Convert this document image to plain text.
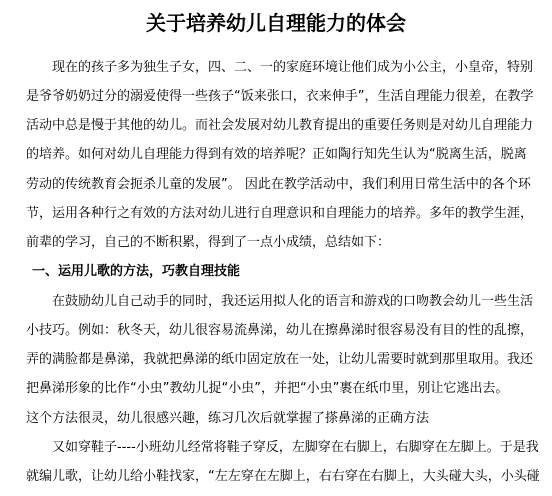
关于培养幼儿自理能力的体会
现在的孩子多为独生子女，四、二、一的家庭环境让他们成为小公主，小皇帝，特别
是爷爷奶奶过分的溺爱使得一些孩子“饭来张口，衣来伸手”，生活自理能力很差，在教学
活动中总是慢于其他的幼儿。而社会发展对幼儿教育提出的重要任务则是对幼儿自理能力
的培养。如何对幼儿自理能力得到有效的培养呢？正如陶行知先生认为“脱离生活，脱离
劳动的传统教育会扼杀儿童的发展”。 因此在教学活动中，我们利用日常生活中的各个环
节，运用各种行之有效的方法对幼儿进行自理意识和自理能力的培养。多年的教学生涯，
前辈的学习，自己的不断积累，得到了一点小成绩，总结如下：
一、运用儿歌的方法，巧教自理技能
在鼓励幼儿自己动手的同时，我还运用拟人化的语言和游戏的口吻教会幼儿一些生活
小技巧。例如：秋冬天，幼儿很容易流鼻涕，幼儿在擦鼻涕时很容易没有目的性的乱擦，
弄的满脸都是鼻涕，我就把鼻涕的纸巾固定放在一处，让幼儿需要时就到那里取用。我还
把鼻涕形象的比作“小虫”教幼儿捉“小虫”，并把“小虫”裹在纸巾里，别让它逃出去。
这个方法很灵，幼儿很感兴趣，练习几次后就掌握了搽鼻涕的正确方法
又如穿鞋子----小班幼儿经常将鞋子穿反，左脚穿在右脚上，右脚穿在左脚上。于是我
就编儿歌，让幼儿给小鞋找家，“左左穿在左脚上，右右穿在右脚上，大头碰大头，小头碰
